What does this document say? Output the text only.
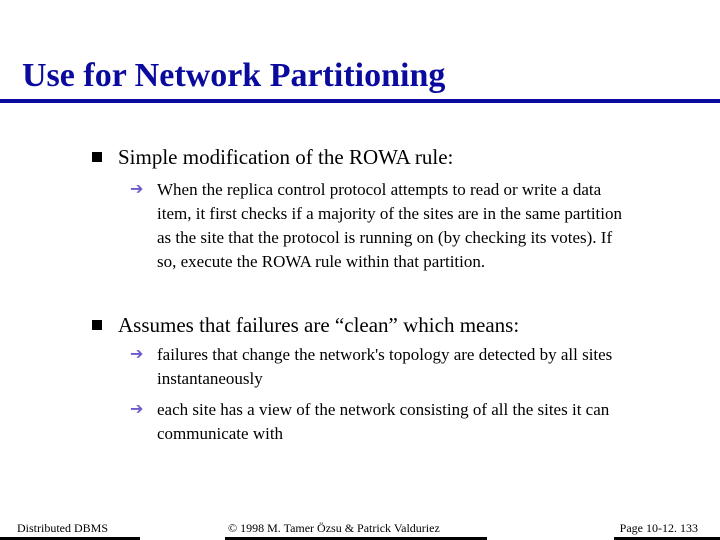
Use for Network Partitioning
Simple modification of the ROWA rule:
➔ When the replica control protocol attempts to read or write a data item, it first checks if a majority of the sites are in the same partition as the site that the protocol is running on (by checking its votes). If so, execute the ROWA rule within that partition.
Assumes that failures are “clean” which means:
➔ failures that change the network's topology are detected by all sites instantaneously
➔ each site has a view of the network consisting of all the sites it can communicate with
Distributed DBMS	© 1998 M. Tamer Özsu & Patrick Valduriez	Page 10-12. 133
